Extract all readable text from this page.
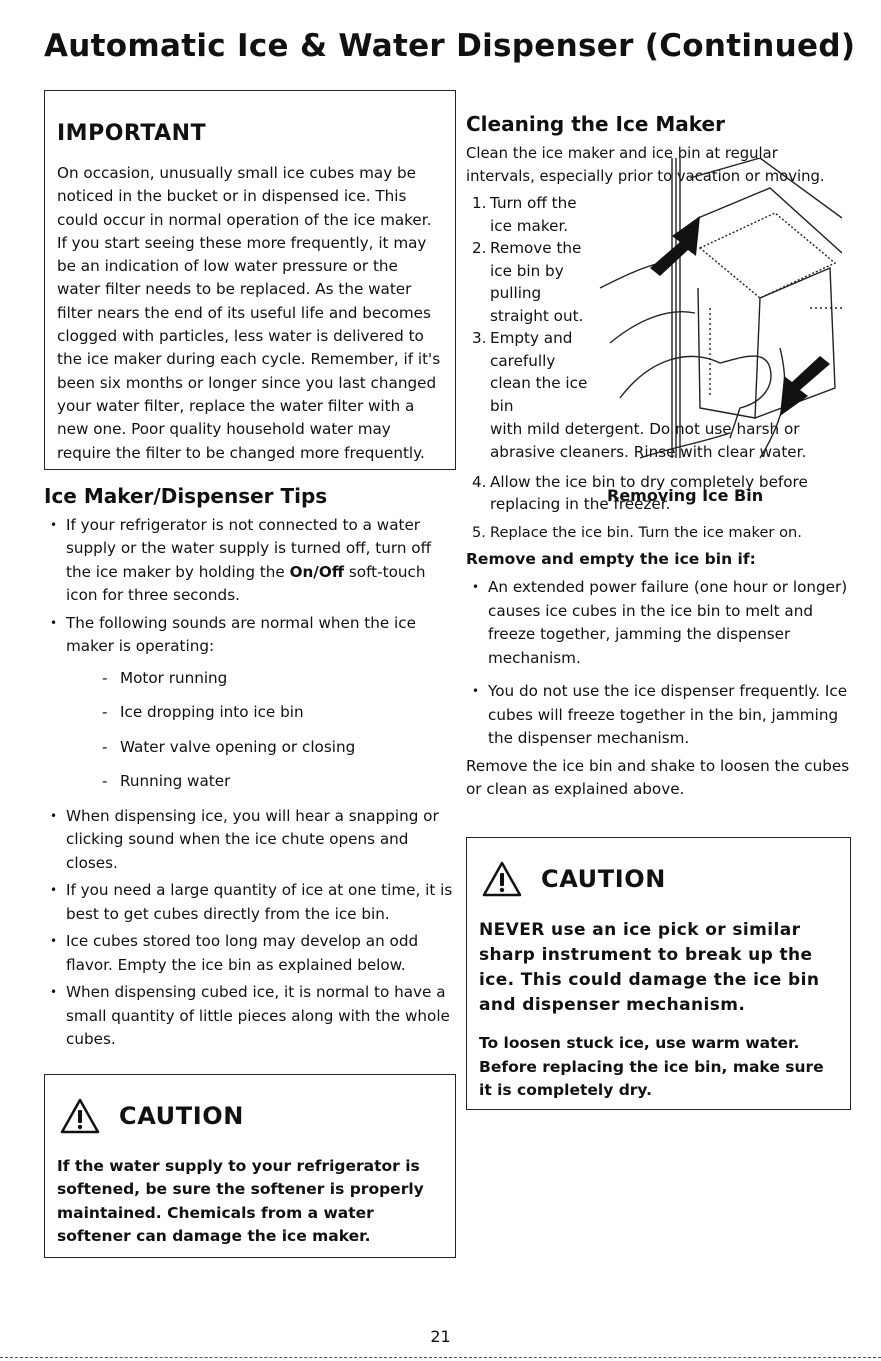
Automatic Ice & Water Dispenser (Continued)
IMPORTANT
On occasion, unusually small ice cubes may be noticed in the bucket or in dispensed ice. This could occur in normal operation of the ice maker. If you start seeing these more frequently, it may be an indication of low water pressure or the water filter needs to be replaced. As the water filter nears the end of its useful life and becomes clogged with particles, less water is delivered to the ice maker during each cycle. Remember, if it's been six months or longer since you last changed your water filter, replace the water filter with a new one. Poor quality household water may require the filter to be changed more frequently.
Ice Maker/Dispenser Tips
• If your refrigerator is not connected to a water supply or the water supply is turned off, turn off the ice maker by holding the On/Off soft-touch icon for three seconds.
• The following sounds are normal when the ice maker is operating:
- Motor running
- Ice dropping into ice bin
- Water valve opening or closing
- Running water
• When dispensing ice, you will hear a snapping or clicking sound when the ice chute opens and closes.
• If you need a large quantity of ice at one time, it is best to get cubes directly from the ice bin.
• Ice cubes stored too long may develop an odd flavor. Empty the ice bin as explained below.
• When dispensing cubed ice, it is normal to have a small quantity of little pieces along with the whole cubes.
CAUTION
If the water supply to your refrigerator is softened, be sure the softener is properly maintained. Chemicals from a water softener can damage the ice maker.
Cleaning the Ice Maker
Clean the ice maker and ice bin at regular intervals, especially prior to vacation or moving.
1. Turn off the ice maker.
2. Remove the ice bin by pulling straight out.
3. Empty and carefully clean the ice bin
with mild detergent. Do not use harsh or abrasive cleaners. Rinse with clear water.
4. Allow the ice bin to dry completely before replacing in the freezer.
5. Replace the ice bin. Turn the ice maker on.
Remove and empty the ice bin if:
• An extended power failure (one hour or longer) causes ice cubes in the ice bin to melt and freeze together, jamming the dispenser mechanism.
• You do not use the ice dispenser frequently. Ice cubes will freeze together in the bin, jamming the dispenser mechanism.
Remove the ice bin and shake to loosen the cubes or clean as explained above.
CAUTION
NEVER use an ice pick or similar sharp instrument to break up the ice. This could damage the ice bin and dispenser mechanism.
To loosen stuck ice, use warm water. Before replacing the ice bin, make sure it is completely dry.
Removing Ice Bin
21
